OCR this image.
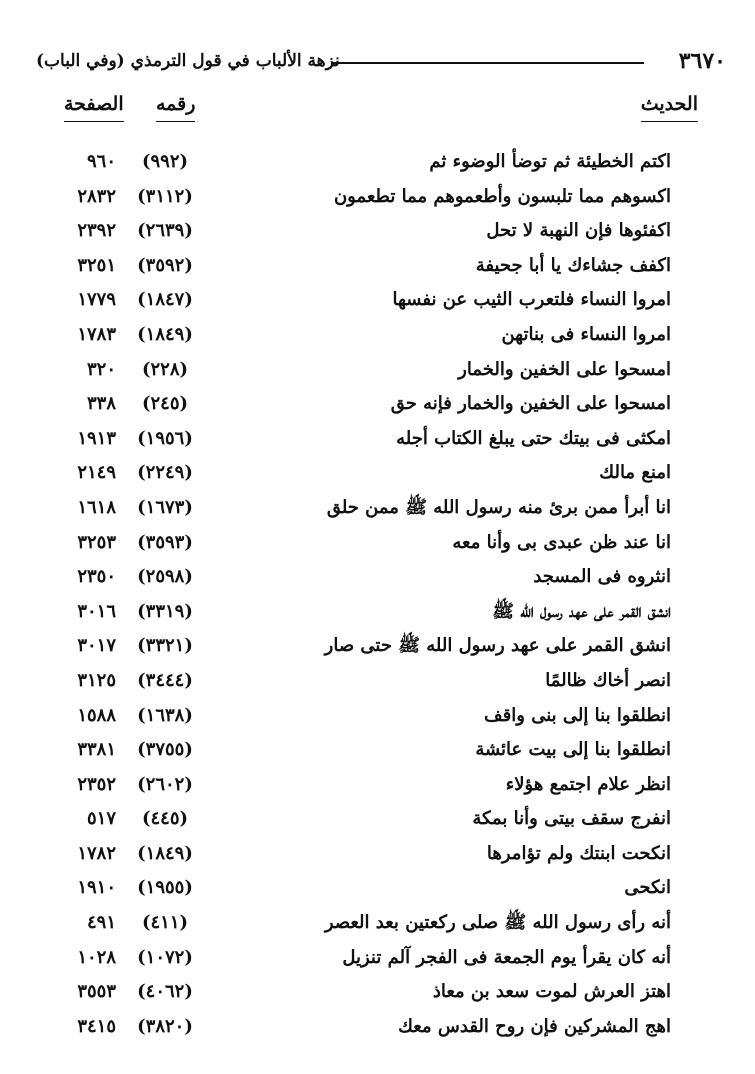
٣٦٧٠
نزهة الألباب في قول الترمذي (وفي الباب)
الحديث
رقمه
الصفحة
اكتم الخطيئة ثم توضأ الوضوء ثم
(٩٩٢)
٩٦٠
اكسوهم مما تلبسون وأطعموهم مما تطعمون
(٣١١٢)
٢٨٣٢
اكفئوها فإن النهبة لا تحل
(٢٦٣٩)
٢٣٩٢
اكفف جشاءك يا أبا جحيفة
(٣٥٩٢)
٣٢٥١
امروا النساء فلتعرب الثيب عن نفسها
(١٨٤٧)
١٧٧٩
امروا النساء فى بناتهن
(١٨٤٩)
١٧٨٣
امسحوا على الخفين والخمار
(٢٢٨)
٣٢٠
امسحوا على الخفين والخمار فإنه حق
(٢٤٥)
٣٣٨
امكثى فى بيتك حتى يبلغ الكتاب أجله
(١٩٥٦)
١٩١٣
امنع مالك
(٢٢٤٩)
٢١٤٩
انا أبرأ ممن برئ منه رسول الله ﷺ ممن حلق
(١٦٧٣)
١٦١٨
انا عند ظن عبدى بى وأنا معه
(٣٥٩٣)
٣٢٥٣
انثروه فى المسجد
(٢٥٩٨)
٢٣٥٠
انشق القمر على عهد رسول الله ﷺ
(٣٣١٩)
٣٠١٦
انشق القمر على عهد رسول الله ﷺ حتى صار
(٣٣٢١)
٣٠١٧
انصر أخاك ظالمًا
(٣٤٤٤)
٣١٢٥
انطلقوا بنا إلى بنى واقف
(١٦٣٨)
١٥٨٨
انطلقوا بنا إلى بيت عائشة
(٣٧٥٥)
٣٣٨١
انظر علام اجتمع هؤلاء
(٢٦٠٢)
٢٣٥٢
انفرج سقف بيتى وأنا بمكة
(٤٤٥)
٥١٧
انكحت ابنتك ولم تؤامرها
(١٨٤٩)
١٧٨٢
انكحى
(١٩٥٥)
١٩١٠
أنه رأى رسول الله ﷺ صلى ركعتين بعد العصر
(٤١١)
٤٩١
أنه كان يقرأ يوم الجمعة فى الفجر آلم تنزيل
(١٠٧٢)
١٠٢٨
اهتز العرش لموت سعد بن معاذ
(٤٠٦٢)
٣٥٥٣
اهج المشركين فإن روح القدس معك
(٣٨٢٠)
٣٤١٥
